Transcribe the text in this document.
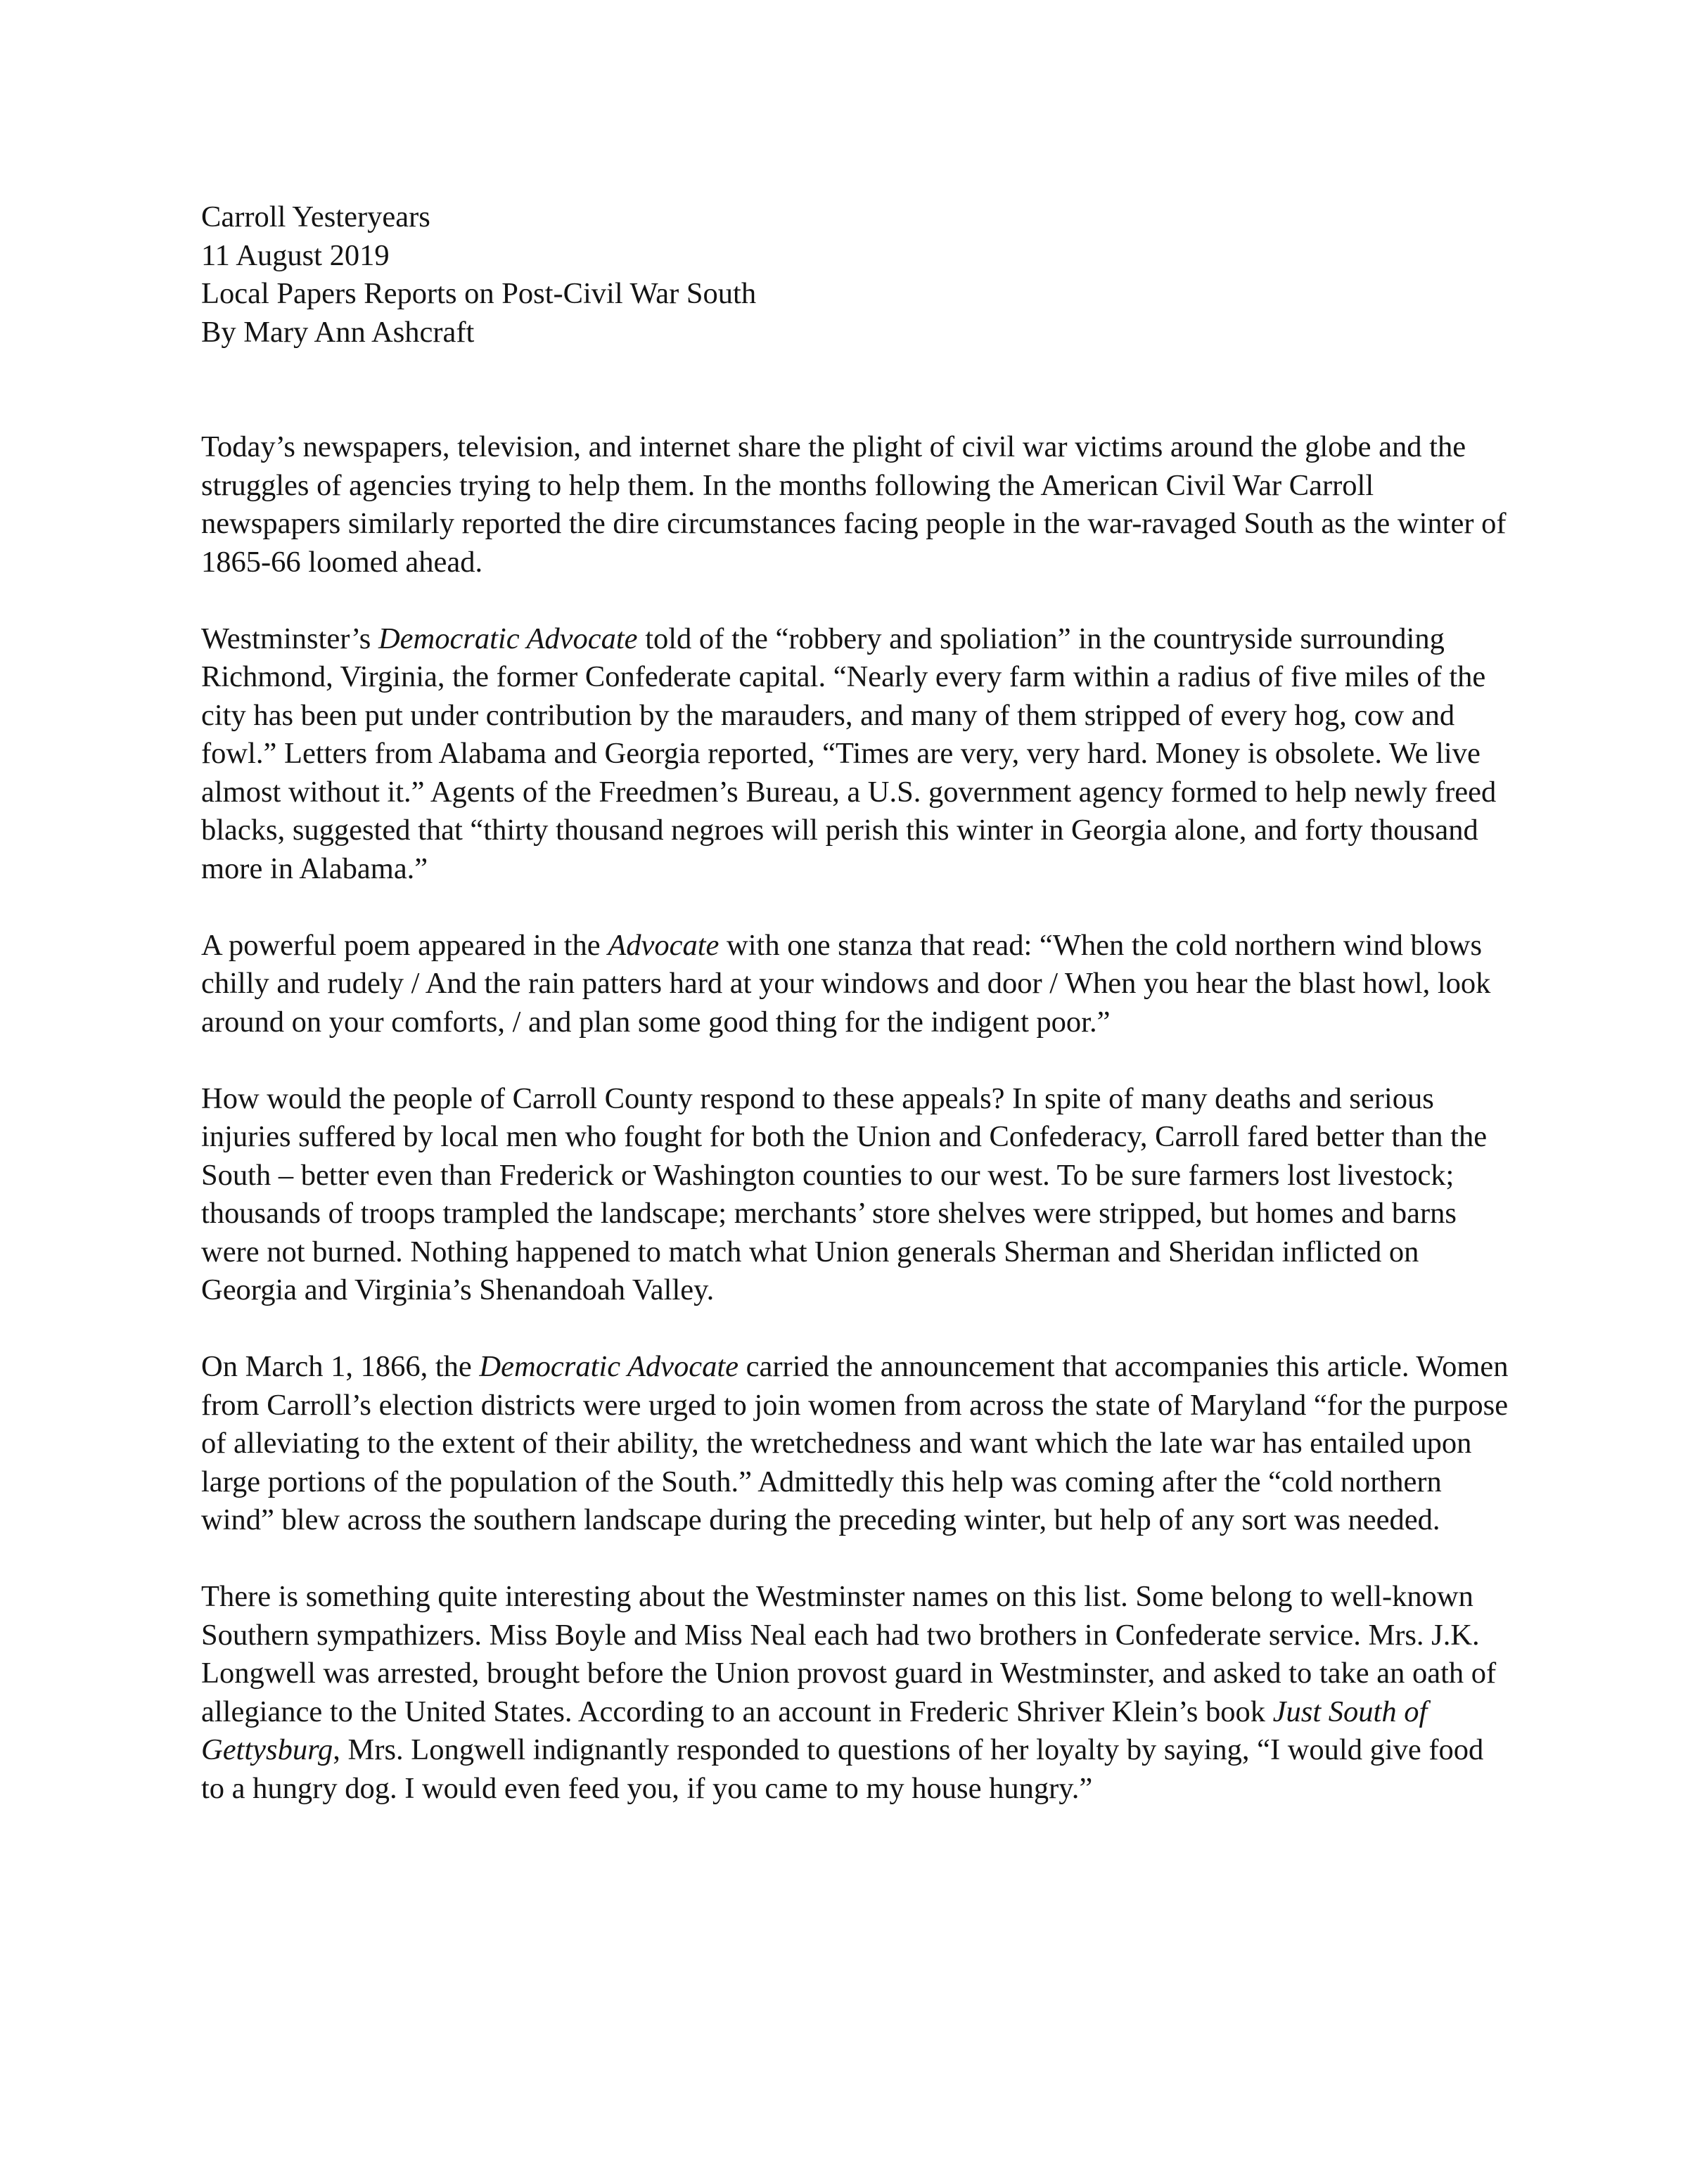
Carroll Yesteryears
11 August 2019
Local Papers Reports on Post-Civil War South
By Mary Ann Ashcraft

Today’s newspapers, television, and internet share the plight of civil war victims around the globe and the struggles of agencies trying to help them. In the months following the American Civil War Carroll newspapers similarly reported the dire circumstances facing people in the war-ravaged South as the winter of 1865-66 loomed ahead.

Westminster’s Democratic Advocate told of the “robbery and spoliation” in the countryside surrounding Richmond, Virginia, the former Confederate capital. “Nearly every farm within a radius of five miles of the city has been put under contribution by the marauders, and many of them stripped of every hog, cow and fowl.” Letters from Alabama and Georgia reported, “Times are very, very hard. Money is obsolete. We live almost without it.” Agents of the Freedmen’s Bureau, a U.S. government agency formed to help newly freed blacks, suggested that “thirty thousand negroes will perish this winter in Georgia alone, and forty thousand more in Alabama.”

A powerful poem appeared in the Advocate with one stanza that read: “When the cold northern wind blows chilly and rudely / And the rain patters hard at your windows and door / When you hear the blast howl, look around on your comforts, / and plan some good thing for the indigent poor.”

How would the people of Carroll County respond to these appeals? In spite of many deaths and serious injuries suffered by local men who fought for both the Union and Confederacy, Carroll fared better than the South – better even than Frederick or Washington counties to our west. To be sure farmers lost livestock; thousands of troops trampled the landscape; merchants’ store shelves were stripped, but homes and barns were not burned. Nothing happened to match what Union generals Sherman and Sheridan inflicted on Georgia and Virginia’s Shenandoah Valley.

On March 1, 1866, the Democratic Advocate carried the announcement that accompanies this article. Women from Carroll’s election districts were urged to join women from across the state of Maryland “for the purpose of alleviating to the extent of their ability, the wretchedness and want which the late war has entailed upon large portions of the population of the South.” Admittedly this help was coming after the “cold northern wind” blew across the southern landscape during the preceding winter, but help of any sort was needed.

There is something quite interesting about the Westminster names on this list. Some belong to well-known Southern sympathizers. Miss Boyle and Miss Neal each had two brothers in Confederate service. Mrs. J.K. Longwell was arrested, brought before the Union provost guard in Westminster, and asked to take an oath of allegiance to the United States. According to an account in Frederic Shriver Klein’s book Just South of Gettysburg, Mrs. Longwell indignantly responded to questions of her loyalty by saying, “I would give food to a hungry dog. I would even feed you, if you came to my house hungry.”
